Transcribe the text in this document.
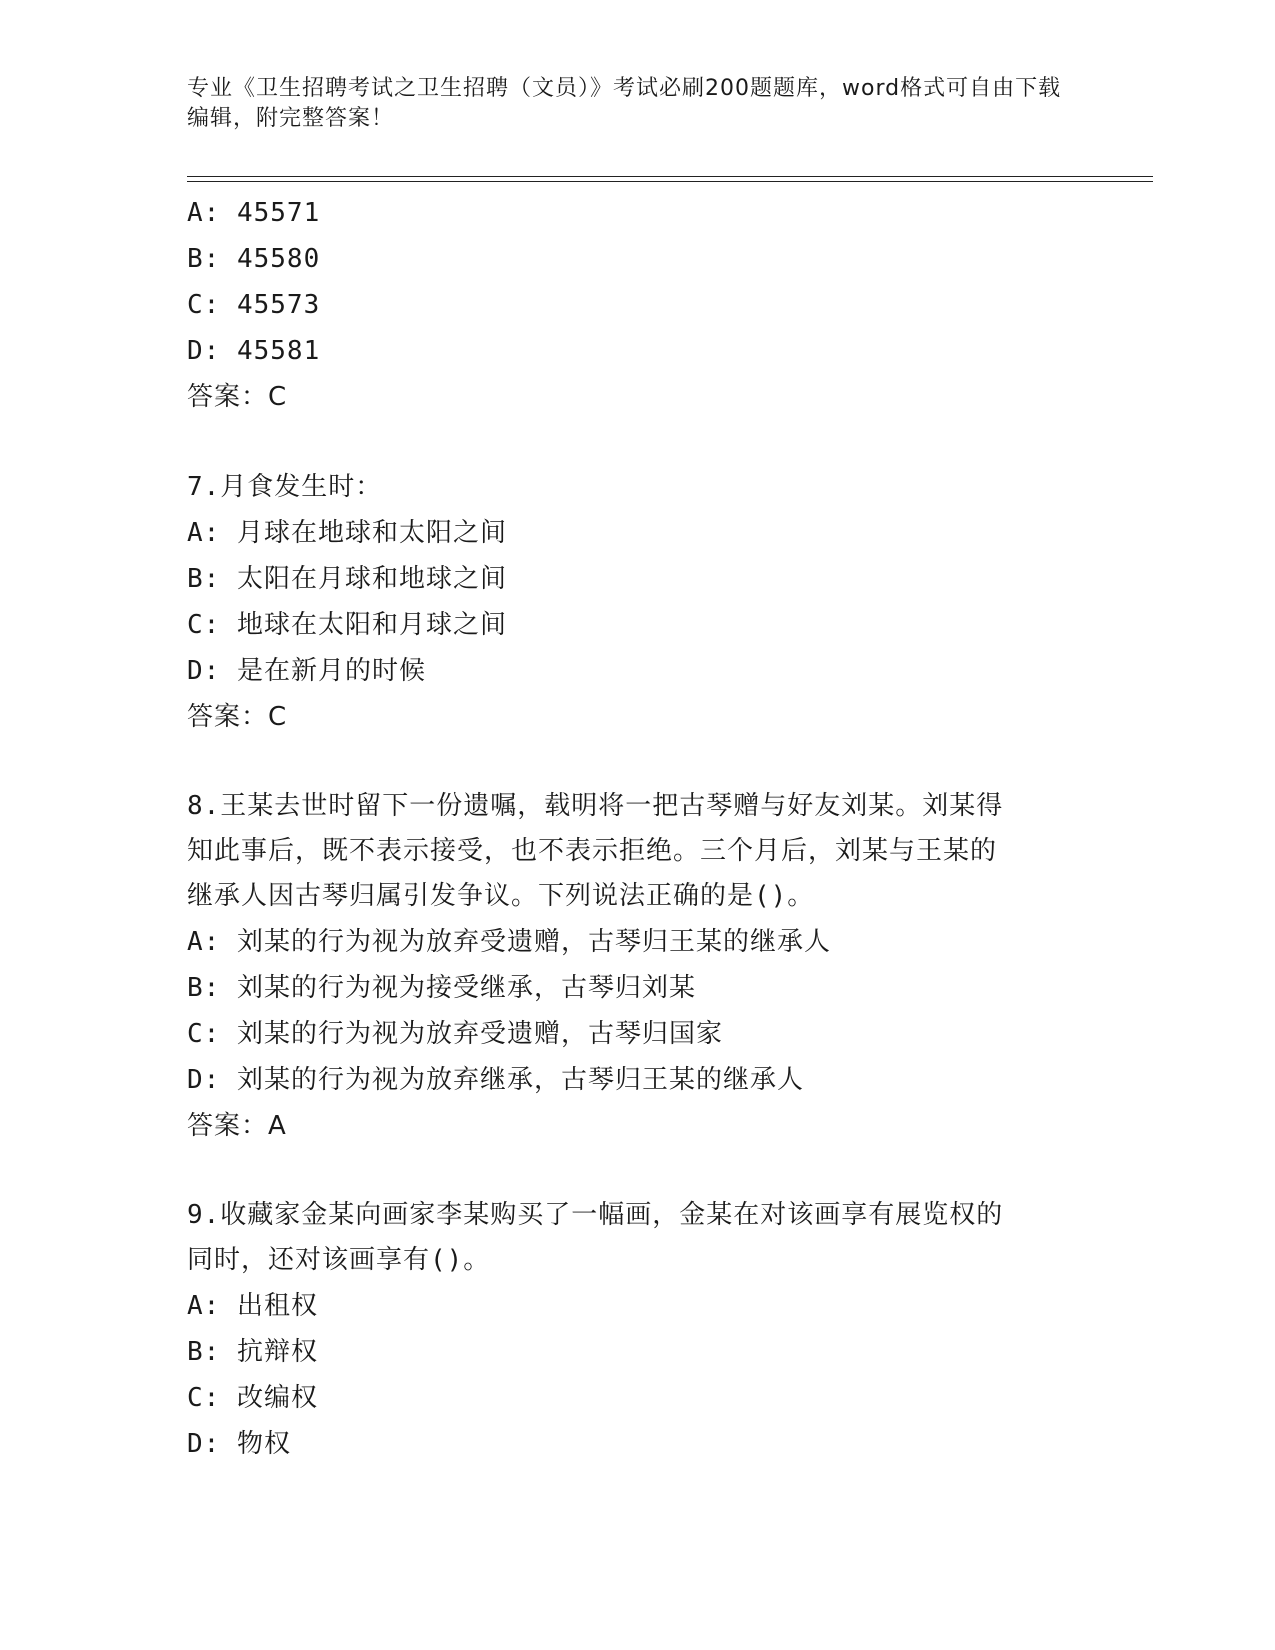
专业《卫生招聘考试之卫生招聘（文员）》考试必刷200题题库，word格式可自由下载编辑，附完整答案！
A: 45571
B: 45580
C: 45573
D: 45581
答案：C
7.月食发生时：
A: 月球在地球和太阳之间
B: 太阳在月球和地球之间
C: 地球在太阳和月球之间
D: 是在新月的时候
答案：C
8.王某去世时留下一份遗嘱，载明将一把古琴赠与好友刘某。刘某得
知此事后，既不表示接受，也不表示拒绝。三个月后，刘某与王某的
继承人因古琴归属引发争议。下列说法正确的是()。
A: 刘某的行为视为放弃受遗赠，古琴归王某的继承人
B: 刘某的行为视为接受继承，古琴归刘某
C: 刘某的行为视为放弃受遗赠，古琴归国家
D: 刘某的行为视为放弃继承，古琴归王某的继承人
答案：A
9.收藏家金某向画家李某购买了一幅画，金某在对该画享有展览权的
同时，还对该画享有()。
A: 出租权
B: 抗辩权
C: 改编权
D: 物权
